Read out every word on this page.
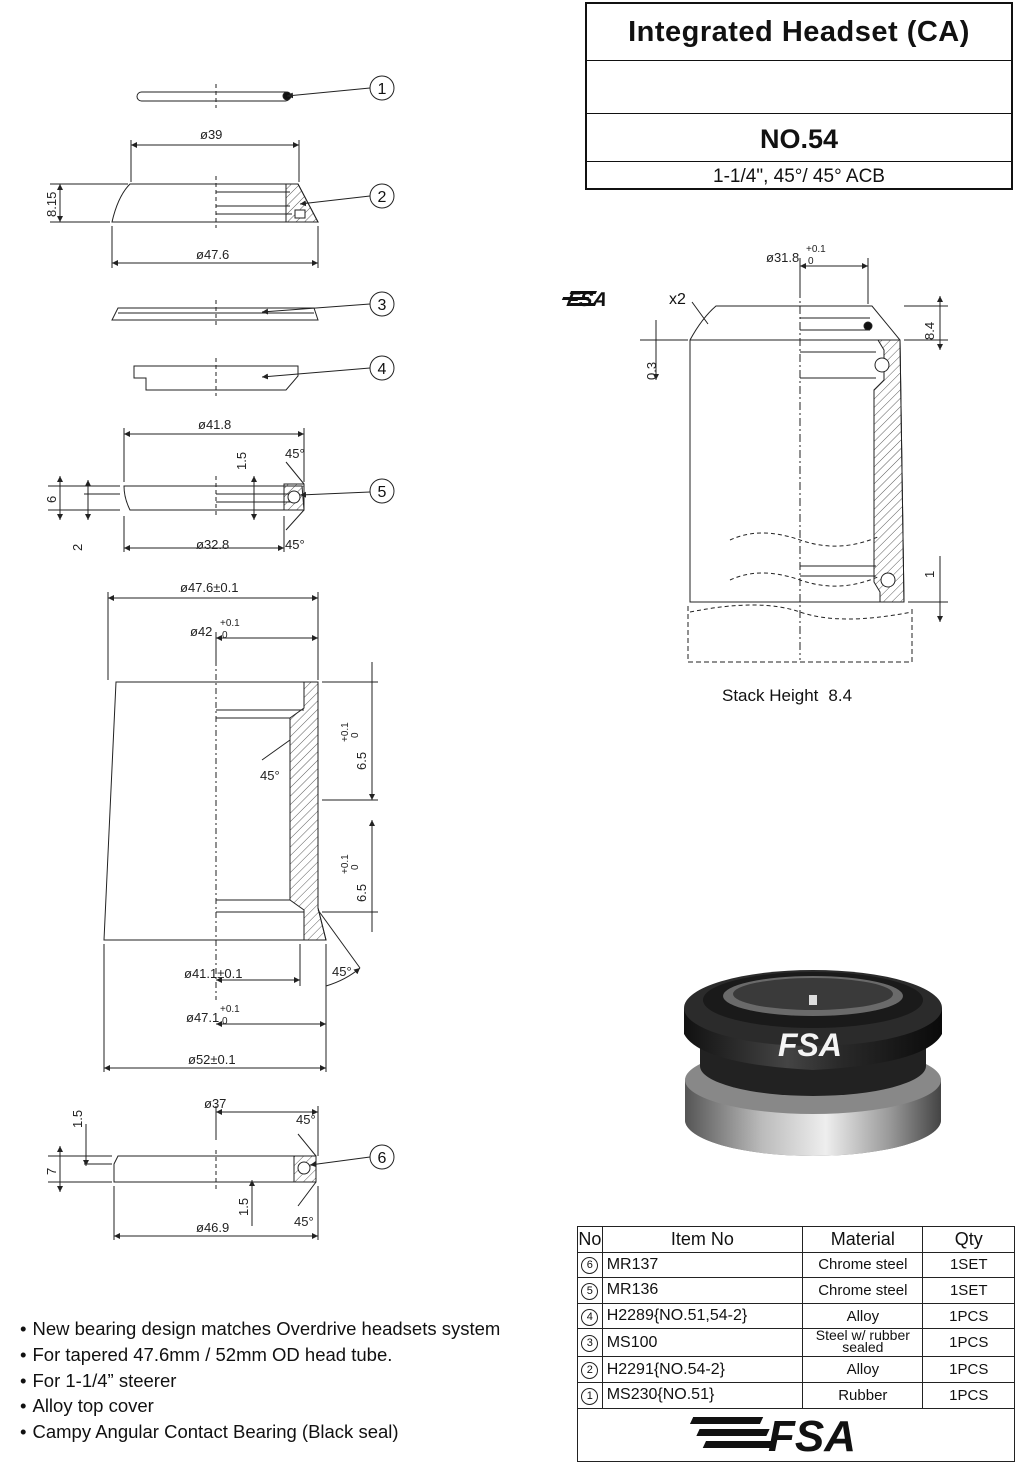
1
2
3
4
5
6
ø39
8.15
ø47.6
ø41.8
1.5	45°
6
2	ø32.8	45°
ø47.6±0.1
ø42
+0.1
0
45°
6.5
+0.1 0
6.5
+0.1 0
45°
ø41.1±0.1
ø47.1
+0.1
0
ø52±0.1
ø37
1.5	45°
7
1.5
45°
ø46.9
ø31.8
+0.1
0
8.4
0.3
1
FSA	x2
FSA
Integrated Headset (CA)
NO.54
1-1/4", 45°/ 45° ACB
Stack Height 8.4
No	Item No	Material	Qty
6	MR137	Chrome steel	1SET
5	MR136	Chrome steel	1SET
4	H2289{NO.51,54-2}	Alloy	1PCS
3	MS100	Steel w/ rubber sealed	1PCS
2	H2291{NO.54-2}	Alloy	1PCS
1	MS230{NO.51}	Rubber	1PCS

FSA			
• New bearing design matches Overdrive headsets system
• For tapered 47.6mm / 52mm OD head tube.
• For 1-1/4” steerer
• Alloy top cover
• Campy Angular Contact Bearing (Black seal)
